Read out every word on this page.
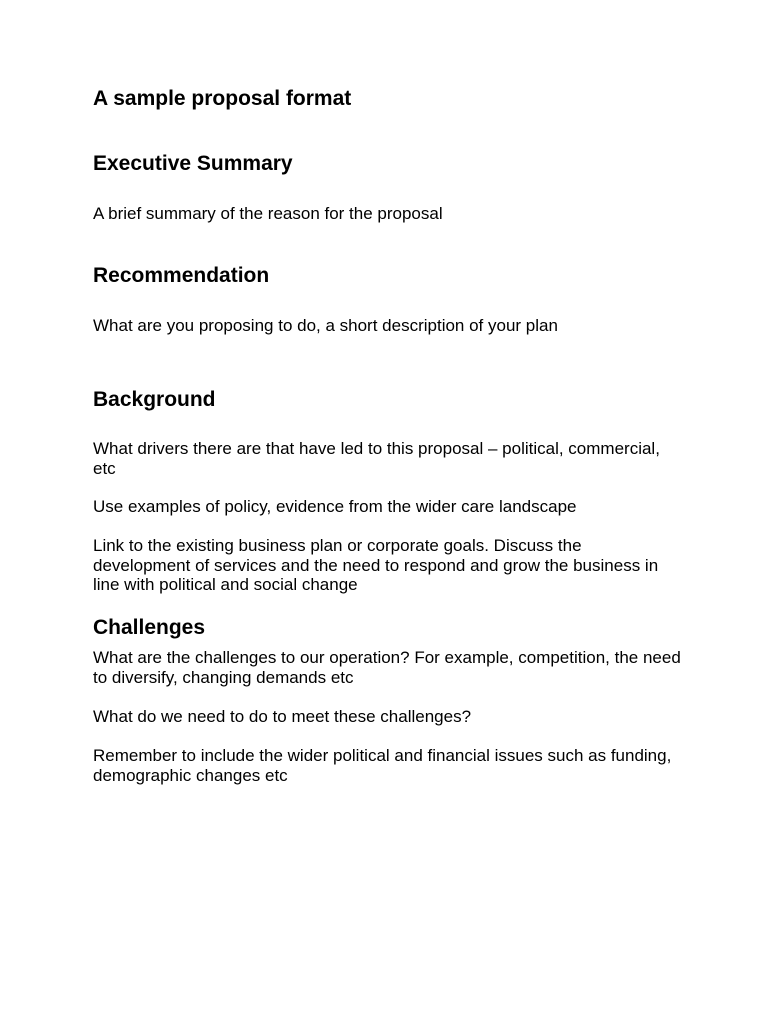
A sample proposal format
Executive Summary

A brief summary of the reason for the proposal

Recommendation

What are you proposing to do, a short description of your plan

Background

What drivers there are that have led to this proposal – political, commercial, etc

Use examples of policy, evidence from the wider care landscape

Link to the existing business plan or corporate goals. Discuss the development of services and the need to respond and grow the business in line with political and social change

Challenges

What are the challenges to our operation? For example, competition, the need to diversify, changing demands etc

What do we need to do to meet these challenges?

Remember to include the wider political and financial issues such as funding, demographic changes etc
